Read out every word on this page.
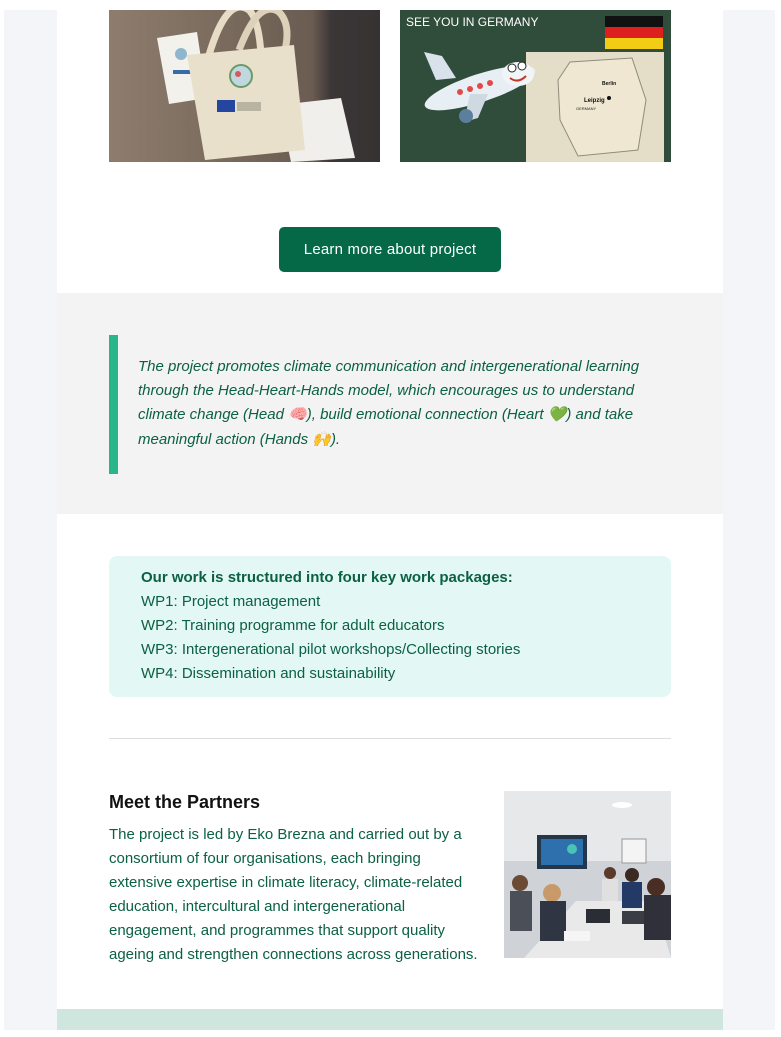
SEE YOU IN GERMANY
Leipzig
Berlin
GERMANY
Learn more about project
The project promotes climate communication and intergenerational learning through the Head-Heart-Hands model, which encourages us to understand climate change (Head 🧠), build emotional connection (Heart 💚) and take meaningful action (Hands 🙌).
Our work is structured into four key work packages:
WP1: Project management
WP2: Training programme for adult educators
WP3: Intergenerational pilot workshops/Collecting stories
WP4: Dissemination and sustainability
Meet the Partners
The project is led by Eko Brezna and carried out by a consortium of four organisations, each bringing extensive expertise in climate literacy, climate-related education, intercultural and intergenerational engagement, and programmes that support quality ageing and strengthen connections across generations.
